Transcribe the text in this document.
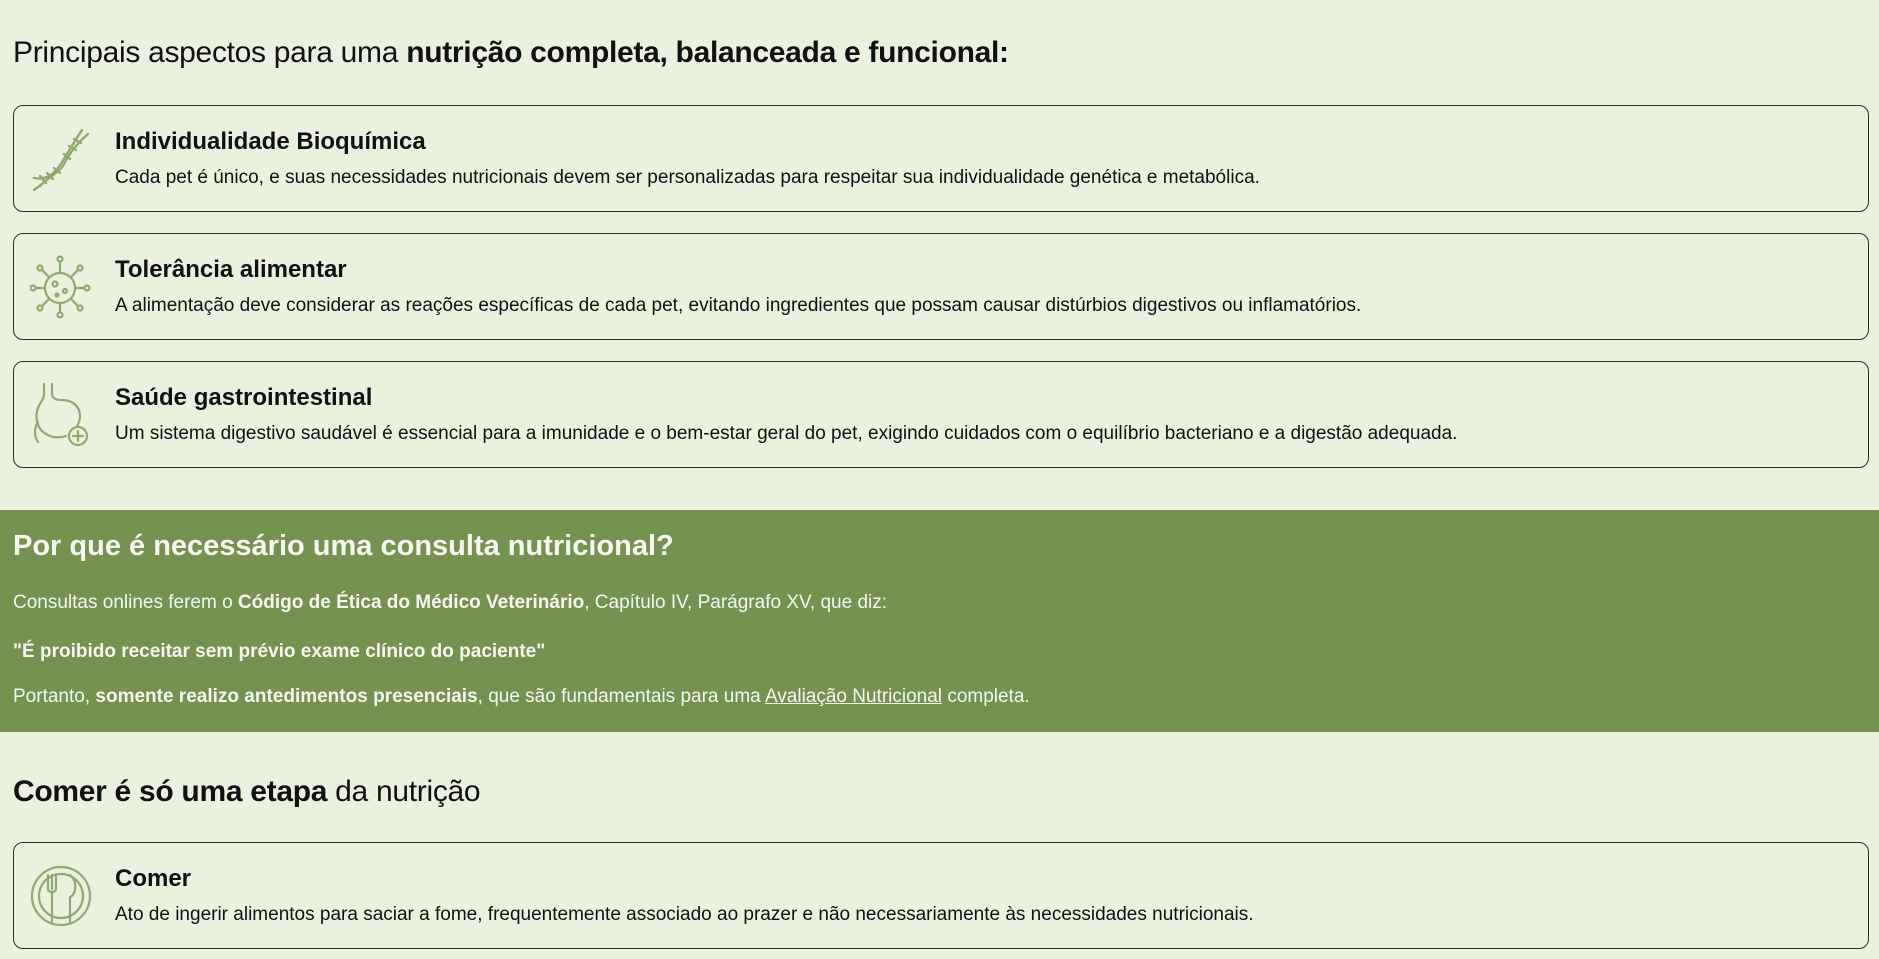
Principais aspectos para uma nutrição completa, balanceada e funcional:
Individualidade Bioquímica

Cada pet é único, e suas necessidades nutricionais devem ser personalizadas para respeitar sua individualidade genética e metabólica.

Tolerância alimentar

A alimentação deve considerar as reações específicas de cada pet, evitando ingredientes que possam causar distúrbios digestivos ou inflamatórios.

Saúde gastrointestinal

Um sistema digestivo saudável é essencial para a imunidade e o bem-estar geral do pet, exigindo cuidados com o equilíbrio bacteriano e a digestão adequada.

Por que é necessário uma consulta nutricional?

Consultas onlines ferem o Código de Ética do Médico Veterinário, Capítulo IV, Parágrafo XV, que diz:

"É proibido receitar sem prévio exame clínico do paciente"

Portanto, somente realizo antedimentos presenciais, que são fundamentais para uma Avaliação Nutricional completa.

Comer é só uma etapa da nutrição
Comer

Ato de ingerir alimentos para saciar a fome, frequentemente associado ao prazer e não necessariamente às necessidades nutricionais.
